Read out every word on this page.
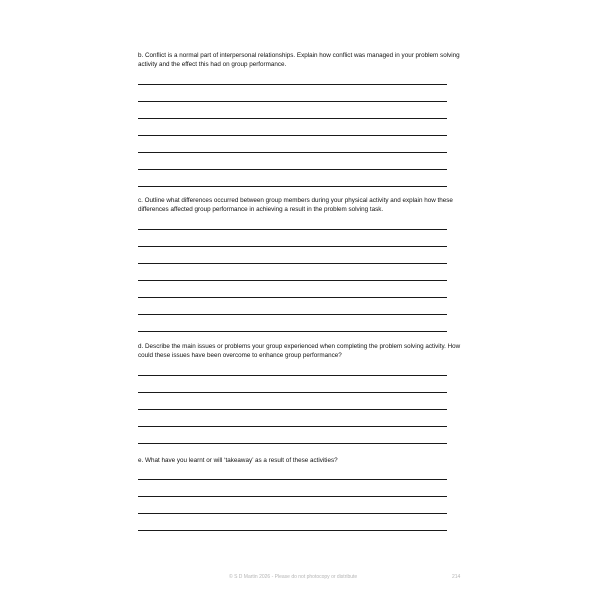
b. Conflict is a normal part of interpersonal relationships. Explain how conflict was managed in your problem solving activity and the effect this had on group performance.

c. Outline what differences occurred between group members during your physical activity and explain how these differences affected group performance in achieving a result in the problem solving task.

d. Describe the main issues or problems your group experienced when completing the problem solving activity. How could these issues have been overcome to enhance group performance?

e. What have you learnt or will ‘takeaway’ as a result of these activities?

© S D Martin 2026 - Please do not photocopy or distribute	214
